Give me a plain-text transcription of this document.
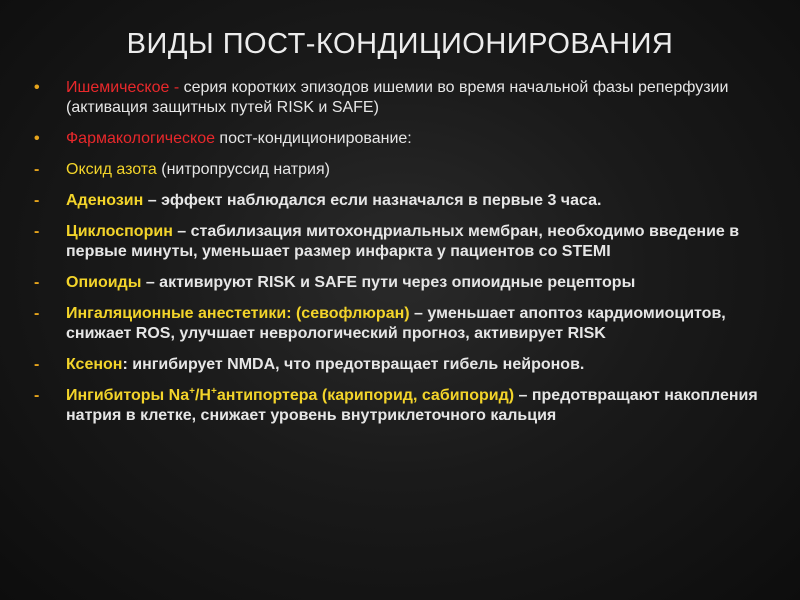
ВИДЫ ПОСТ-КОНДИЦИОНИРОВАНИЯ
•	Ишемическое - серия коротких эпизодов ишемии во время начальной фазы реперфузии (активация защитных путей RISK и SAFE)
•	Фармакологическое пост-кондиционирование:
-	Оксид азота (нитропруссид натрия)
-	Аденозин – эффект наблюдался если назначался в первые 3 часа.
-	Циклоспорин – стабилизация митохондриальных мембран, необходимо введение в первые минуты, уменьшает размер инфаркта у пациентов со STEMI
-	Опиоиды – активируют RISK и SAFE пути через опиоидные рецепторы
-	Ингаляционные анестетики: (севофлюран) – уменьшает апоптоз кардиомиоцитов, снижает ROS, улучшает неврологический прогноз, активирует RISK
-	Ксенон: ингибирует NMDA, что предотвращает гибель нейронов.
-	Ингибиторы Na+/H+антипортера (карипорид, сабипорид) – предотвращают накопления натрия в клетке, снижает уровень внутриклеточного кальция
